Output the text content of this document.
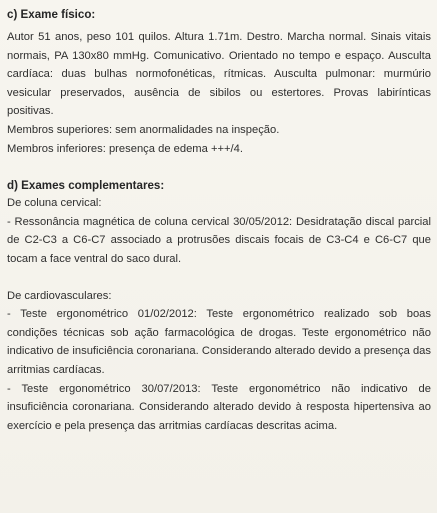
c) Exame físico:

Autor 51 anos, peso 101 quilos. Altura 1.71m. Destro. Marcha normal. Sinais vitais normais, PA 130x80 mmHg. Comunicativo. Orientado no tempo e espaço. Ausculta cardíaca: duas bulhas normofonéticas, rítmicas. Ausculta pulmonar: murmúrio vesicular preservados, ausência de sibilos ou estertores. Provas labirínticas positivas.

Membros superiores: sem anormalidades na inspeção.

Membros inferiores: presença de edema +++/4.

d) Exames complementares:

De coluna cervical:

- Ressonância magnética de coluna cervical 30/05/2012: Desidratação discal parcial de C2-C3 a C6-C7 associado a protrusões discais focais de C3-C4 e C6-C7 que tocam a face ventral do saco dural.

De cardiovasculares:

- Teste ergonométrico 01/02/2012: Teste ergonométrico realizado sob boas condições técnicas sob ação farmacológica de drogas. Teste ergonométrico não indicativo de insuficiência coronariana. Considerando alterado devido a presença das arritmias cardíacas.

- Teste ergonométrico 30/07/2013: Teste ergonométrico não indicativo de insuficiência coronariana. Considerando alterado devido à resposta hipertensiva ao exercício e pela presença das arritmias cardíacas descritas acima.
